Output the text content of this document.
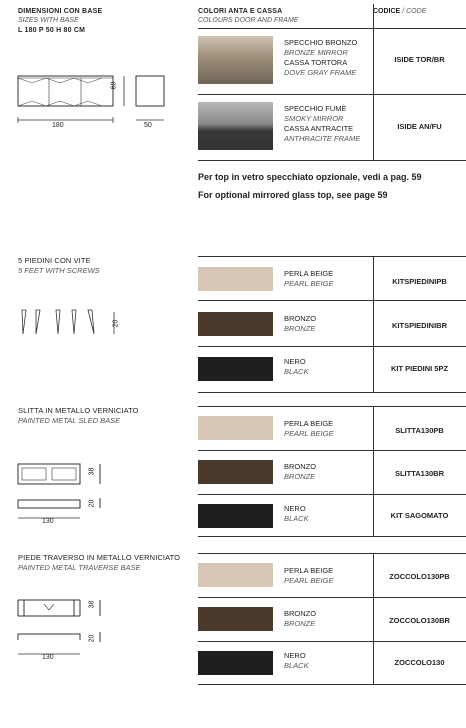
DIMENSIONI CON BASE
SIZES WITH BASE
L 180 P 50 H 80 CM
COLORI ANTA E CASSA
COLOURS DOOR AND FRAME
CODICE / CODE
60
180	50
SPECCHIO BRONZO
BRONZE MIRROR
CASSA TORTORA
DOVE GRAY FRAME
ISIDE TOR/BR
SPECCHIO FUMÈ
SMOKY MIRROR
CASSA ANTRACITE
ANTHRACITE FRAME
ISIDE AN/FU
Per top in vetro specchiato opzionale, vedi a pag. 59
For optional mirrored glass top, see page 59
5 PIEDINI CON VITE
5 FEET WITH SCREWS
20
PERLA BEIGE
PEARL BEIGE	KITSPIEDINIPB
BRONZO
BRONZE	KITSPIEDINIBR
NERO
BLACK	KIT PIEDINI 5PZ
SLITTA IN METALLO VERNICIATO
PAINTED METAL SLED BASE
38
20
130
PERLA BEIGE
PEARL BEIGE	SLITTA130PB
BRONZO
BRONZE	SLITTA130BR
NERO
BLACK	KIT SAGOMATO
PIEDE TRAVERSO IN METALLO VERNICIATO
PAINTED METAL TRAVERSE BASE
38
20
130
PERLA BEIGE
PEARL BEIGE	ZOCCOLO130PB
BRONZO
BRONZE	ZOCCOLO130BR
NERO
BLACK	ZOCCOLO130
